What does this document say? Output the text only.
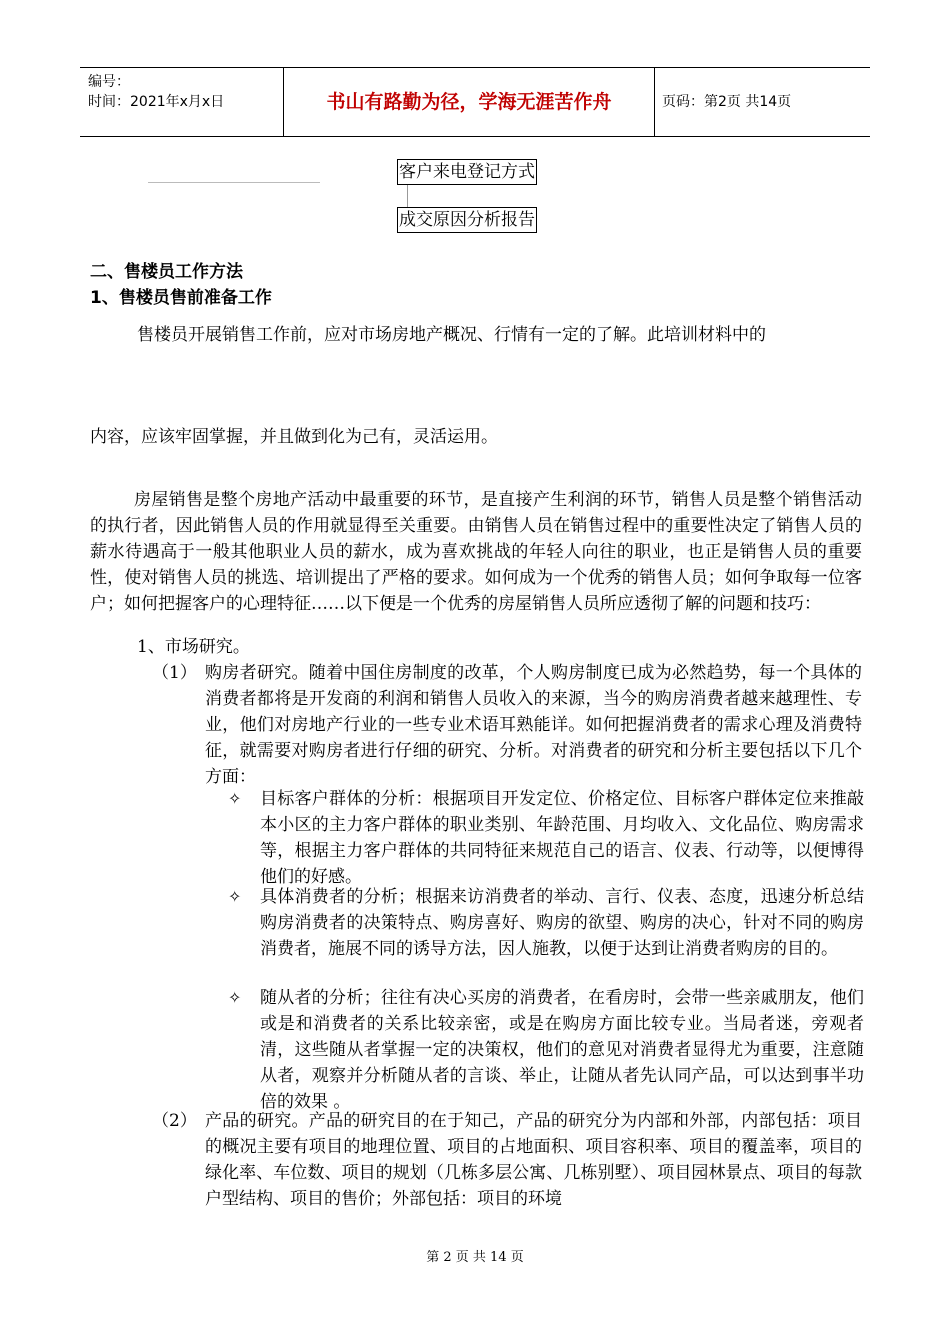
编号：
时间：2021年x月x日	书山有路勤为径，学海无涯苦作舟	页码：第2页 共14页
客户来电登记方式
成交原因分析报告
二、售楼员工作方法
1、售楼员售前准备工作
售楼员开展销售工作前，应对市场房地产概况、行情有一定的了解。此培训材料中的
内容，应该牢固掌握，并且做到化为己有，灵活运用。

房屋销售是整个房地产活动中最重要的环节，是直接产生利润的环节，销售人员是整个销售活动的执行者，因此销售人员的作用就显得至关重要。由销售人员在销售过程中的重要性决定了销售人员的薪水待遇高于一般其他职业人员的薪水，成为喜欢挑战的年轻人向往的职业，也正是销售人员的重要性，使对销售人员的挑选、培训提出了严格的要求。如何成为一个优秀的销售人员；如何争取每一位客户；如何把握客户的心理特征……以下便是一个优秀的房屋销售人员所应透彻了解的问题和技巧：

1、市场研究。
（1） 购房者研究。随着中国住房制度的改革，个人购房制度已成为必然趋势，每一个具体的消费者都将是开发商的利润和销售人员收入的来源，当今的购房消费者越来越理性、专业，他们对房地产行业的一些专业术语耳熟能详。如何把握消费者的需求心理及消费特征，就需要对购房者进行仔细的研究、分析。对消费者的研究和分析主要包括以下几个方面：

✧ 目标客户群体的分析：根据项目开发定位、价格定位、目标客户群体定位来推敲本小区的主力客户群体的职业类别、年龄范围、月均收入、文化品位、购房需求等，根据主力客户群体的共同特征来规范自己的语言、仪表、行动等，以便博得他们的好感。

✧ 具体消费者的分析；根据来访消费者的举动、言行、仪表、态度，迅速分析总结购房消费者的决策特点、购房喜好、购房的欲望、购房的决心，针对不同的购房消费者，施展不同的诱导方法，因人施教，以便于达到让消费者购房的目的。

✧ 随从者的分析；往往有决心买房的消费者，在看房时，会带一些亲戚朋友，他们或是和消费者的关系比较亲密，或是在购房方面比较专业。当局者迷，旁观者清，这些随从者掌握一定的决策权，他们的意见对消费者显得尤为重要，注意随从者，观察并分析随从者的言谈、举止，让随从者先认同产品，可以达到事半功倍的效果 。

（2） 产品的研究。产品的研究目的在于知己，产品的研究分为内部和外部，内部包括：项目的概况主要有项目的地理位置、项目的占地面积、项目容积率、项目的覆盖率，项目的绿化率、车位数、项目的规划（几栋多层公寓、几栋别墅）、项目园林景点、项目的每款户型结构、项目的售价；外部包括：项目的环境

第 2 页 共 14 页
